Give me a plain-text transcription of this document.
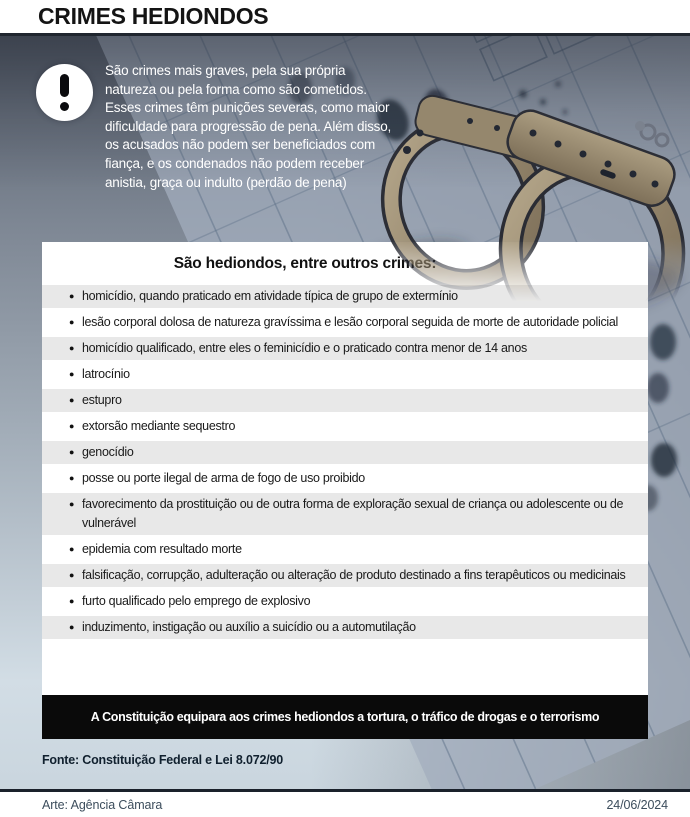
CRIMES HEDIONDOS
São crimes mais graves, pela sua própria natureza ou pela forma como são cometidos. Esses crimes têm punições severas, como maior dificuldade para progressão de pena. Além disso, os acusados não podem ser beneficiados com fiança, e os condenados não podem receber anistia, graça ou indulto (perdão de pena)
São hediondos, entre outros crimes:
● homicídio, quando praticado em atividade típica de grupo de extermínio
● lesão corporal dolosa de natureza gravíssima e lesão corporal seguida de morte de autoridade policial
● homicídio qualificado, entre eles o feminicídio e o praticado contra menor de 14 anos
● latrocínio
● estupro
● extorsão mediante sequestro
● genocídio
● posse ou porte ilegal de arma de fogo de uso proibido
● favorecimento da prostituição ou de outra forma de exploração sexual de criança ou adolescente ou de vulnerável
● epidemia com resultado morte
● falsificação, corrupção, adulteração ou alteração de produto destinado a fins terapêuticos ou medicinais
● furto qualificado pelo emprego de explosivo
● induzimento, instigação ou auxílio a suicídio ou a automutilação
A Constituição equipara aos crimes hediondos a tortura, o tráfico de drogas e o terrorismo
Fonte: Constituição Federal e Lei 8.072/90
Arte: Agência Câmara	24/06/2024
